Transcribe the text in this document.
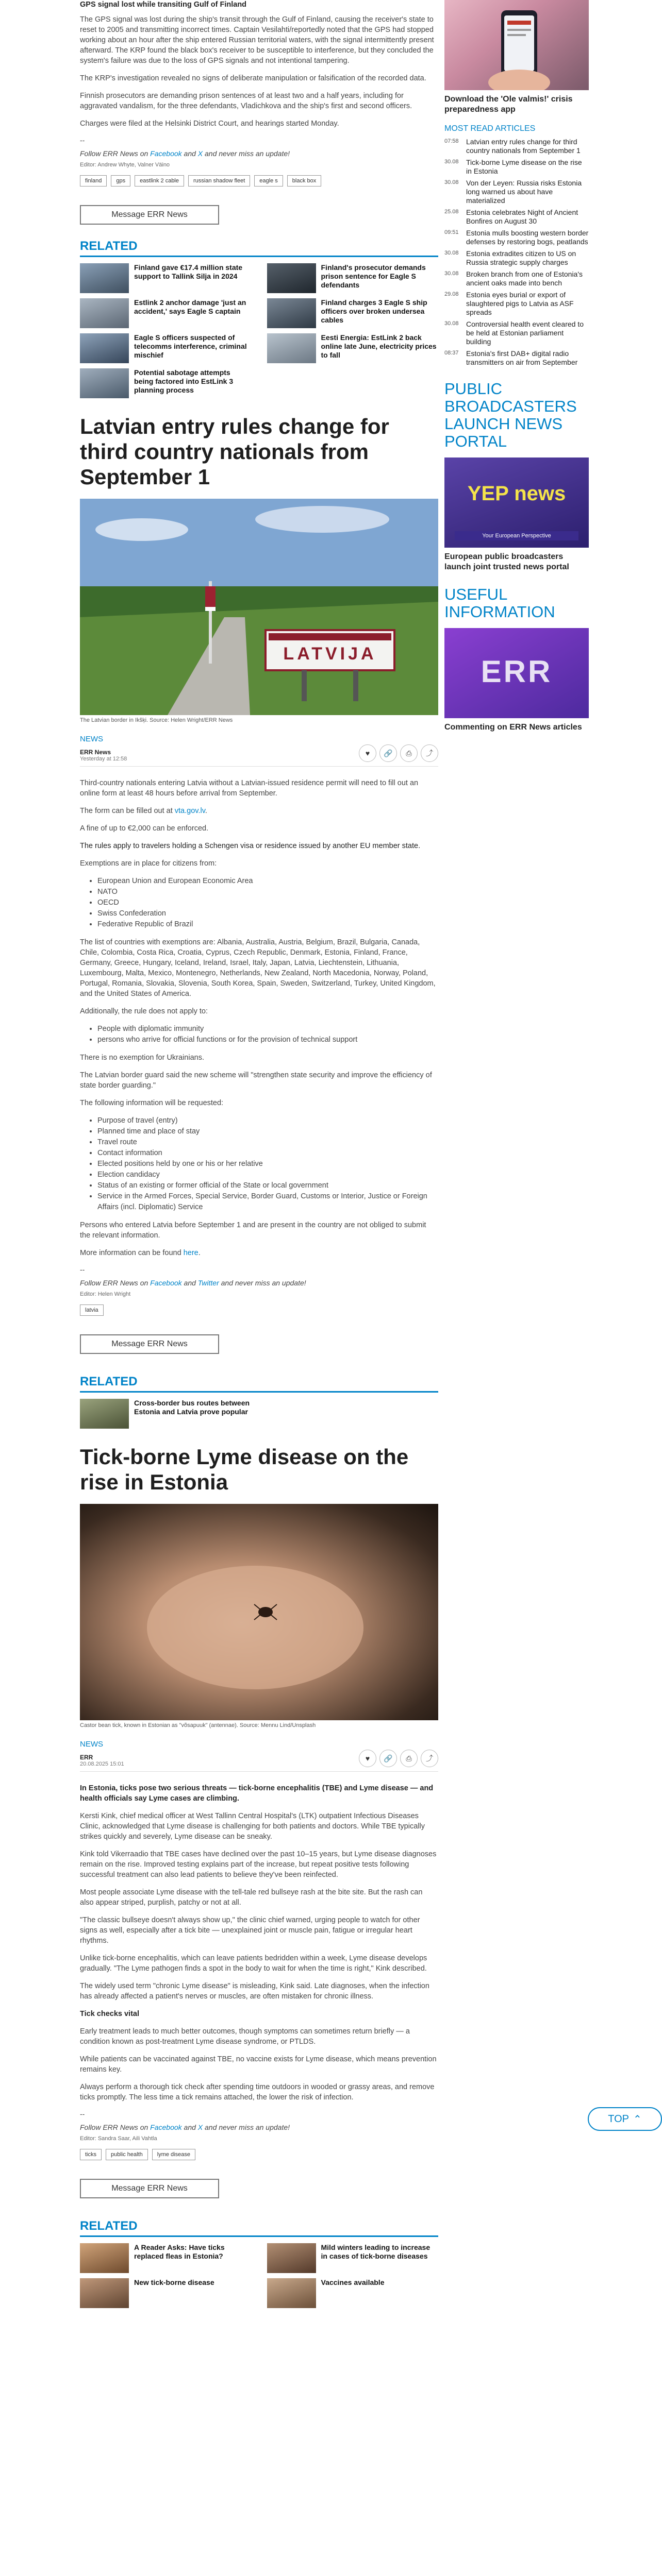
GPS signal lost while transiting Gulf of Finland

The GPS signal was lost during the ship's transit through the Gulf of Finland, causing the receiver's state to reset to 2005 and transmitting incorrect times. Captain Vesilahti/reportedly noted that the GPS had stopped working about an hour after the ship entered Russian territorial waters, with the signal intermittently present afterward. The KRP found the black box's receiver to be susceptible to interference, but they concluded the system's failure was due to the loss of GPS signals and not intentional tampering.

The KRP's investigation revealed no signs of deliberate manipulation or falsification of the recorded data.

Finnish prosecutors are demanding prison sentences of at least two and a half years, including for aggravated vandalism, for the three defendants, Vladichkova and the ship's first and second officers.

Charges were filed at the Helsinki District Court, and hearings started Monday.

--

Follow ERR News on Facebook and X and never miss an update!

Editor: Andrew Whyte, Valner Väino
finland	gps	eastlink 2 cable	russian shadow fleet	eagle s	black box
Message ERR News
RELATED
Finland gave €17.4 million state support to Tallink Silja in 2024
Finland's prosecutor demands prison sentence for Eagle S defendants
Estlink 2 anchor damage 'just an accident,' says Eagle S captain
Finland charges 3 Eagle S ship officers over broken undersea cables
Eagle S officers suspected of telecomms interference, criminal mischief
Eesti Energia: EstLink 2 back online late June, electricity prices to fall
Potential sabotage attempts being factored into EstLink 3 planning process
Latvian entry rules change for third country nationals from September 1
LATVIJA
The Latvian border in Ikšķi. Source: Helen Wright/ERR News
NEWS
ERR News
Yesterday at 12:58
♥	🔗	⎙	⤴

Third-country nationals entering Latvia without a Latvian-issued residence permit will need to fill out an online form at least 48 hours before arrival from September.

The form can be filled out at vta.gov.lv.

A fine of up to €2,000 can be enforced.

The rules apply to travelers holding a Schengen visa or residence issued by another EU member state.

Exemptions are in place for citizens from:

• European Union and European Economic Area
• NATO
• OECD
• Swiss Confederation
• Federative Republic of Brazil

The list of countries with exemptions are: Albania, Australia, Austria, Belgium, Brazil, Bulgaria, Canada, Chile, Colombia, Costa Rica, Croatia, Cyprus, Czech Republic, Denmark, Estonia, Finland, France, Germany, Greece, Hungary, Iceland, Ireland, Israel, Italy, Japan, Latvia, Liechtenstein, Lithuania, Luxembourg, Malta, Mexico, Montenegro, Netherlands, New Zealand, North Macedonia, Norway, Poland, Portugal, Romania, Slovakia, Slovenia, South Korea, Spain, Sweden, Switzerland, Turkey, United Kingdom, and the United States of America.

Additionally, the rule does not apply to:

• People with diplomatic immunity
• persons who arrive for official functions or for the provision of technical support

There is no exemption for Ukrainians.

The Latvian border guard said the new scheme will "strengthen state security and improve the efficiency of state border guarding."

The following information will be requested:

• Purpose of travel (entry)
• Planned time and place of stay
• Travel route
• Contact information
• Elected positions held by one or his or her relative
• Election candidacy
• Status of an existing or former official of the State or local government
• Service in the Armed Forces, Special Service, Border Guard, Customs or Interior, Justice or Foreign Affairs (incl. Diplomatic) Service

Persons who entered Latvia before September 1 and are present in the country are not obliged to submit the relevant information.

More information can be found here.

--

Follow ERR News on Facebook and Twitter and never miss an update!

Editor: Helen Wright
latvia
Message ERR News
RELATED
Cross-border bus routes between Estonia and Latvia prove popular
Tick-borne Lyme disease on the rise in Estonia
Castor bean tick, known in Estonian as "võsapuuk" (antennae). Source: Mennu Lind/Unsplash
NEWS
ERR
20.08.2025 15:01
♥	🔗	⎙	⤴

In Estonia, ticks pose two serious threats — tick-borne encephalitis (TBE) and Lyme disease — and health officials say Lyme cases are climbing.

Kersti Kink, chief medical officer at West Tallinn Central Hospital's (LTK) outpatient Infectious Diseases Clinic, acknowledged that Lyme disease is challenging for both patients and doctors. While TBE typically strikes quickly and severely, Lyme disease can be sneaky.

Kink told Vikerraadio that TBE cases have declined over the past 10–15 years, but Lyme disease diagnoses remain on the rise. Improved testing explains part of the increase, but repeat positive tests following successful treatment can also lead patients to believe they've been reinfected.

Most people associate Lyme disease with the tell-tale red bullseye rash at the bite site. But the rash can also appear striped, purplish, patchy or not at all.

"The classic bullseye doesn't always show up," the clinic chief warned, urging people to watch for other signs as well, especially after a tick bite — unexplained joint or muscle pain, fatigue or irregular heart rhythms.

Unlike tick-borne encephalitis, which can leave patients bedridden within a week, Lyme disease develops gradually. "The Lyme pathogen finds a spot in the body to wait for when the time is right," Kink described.

The widely used term "chronic Lyme disease" is misleading, Kink said. Late diagnoses, when the infection has already affected a patient's nerves or muscles, are often mistaken for chronic illness.

Tick checks vital

Early treatment leads to much better outcomes, though symptoms can sometimes return briefly — a condition known as post-treatment Lyme disease syndrome, or PTLDS.

While patients can be vaccinated against TBE, no vaccine exists for Lyme disease, which means prevention remains key.

Always perform a thorough tick check after spending time outdoors in wooded or grassy areas, and remove ticks promptly. The less time a tick remains attached, the lower the risk of infection.

--

Follow ERR News on Facebook and X and never miss an update!

Editor: Sandra Saar, Aili Vahtla
ticks	public health	lyme disease
Message ERR News
RELATED
A Reader Asks: Have ticks replaced fleas in Estonia?
Mild winters leading to increase in cases of tick-borne diseases
New tick-borne disease	Vaccines available
Download the 'Ole valmis!' crisis preparedness app
MOST READ ARTICLES
07:58 Latvian entry rules change for third country nationals from September 1
30.08 Tick-borne Lyme disease on the rise in Estonia
30.08 Von der Leyen: Russia risks Estonia long warned us about have materialized
25.08 Estonia celebrates Night of Ancient Bonfires on August 30
09:51 Estonia mulls boosting western border defenses by restoring bogs, peatlands
30.08 Estonia extradites citizen to US on Russia strategic supply charges
30.08 Broken branch from one of Estonia's ancient oaks made into bench
29.08 Estonia eyes burial or export of slaughtered pigs to Latvia as ASF spreads
30.08 Controversial health event cleared to be held at Estonian parliament building
08:37 Estonia's first DAB+ digital radio transmitters on air from September
PUBLIC BROADCASTERS LAUNCH NEWS PORTAL
YEP news
Your European Perspective
European public broadcasters launch joint trusted news portal
USEFUL INFORMATION
ERR
Commenting on ERR News articles
TOP ⌃
